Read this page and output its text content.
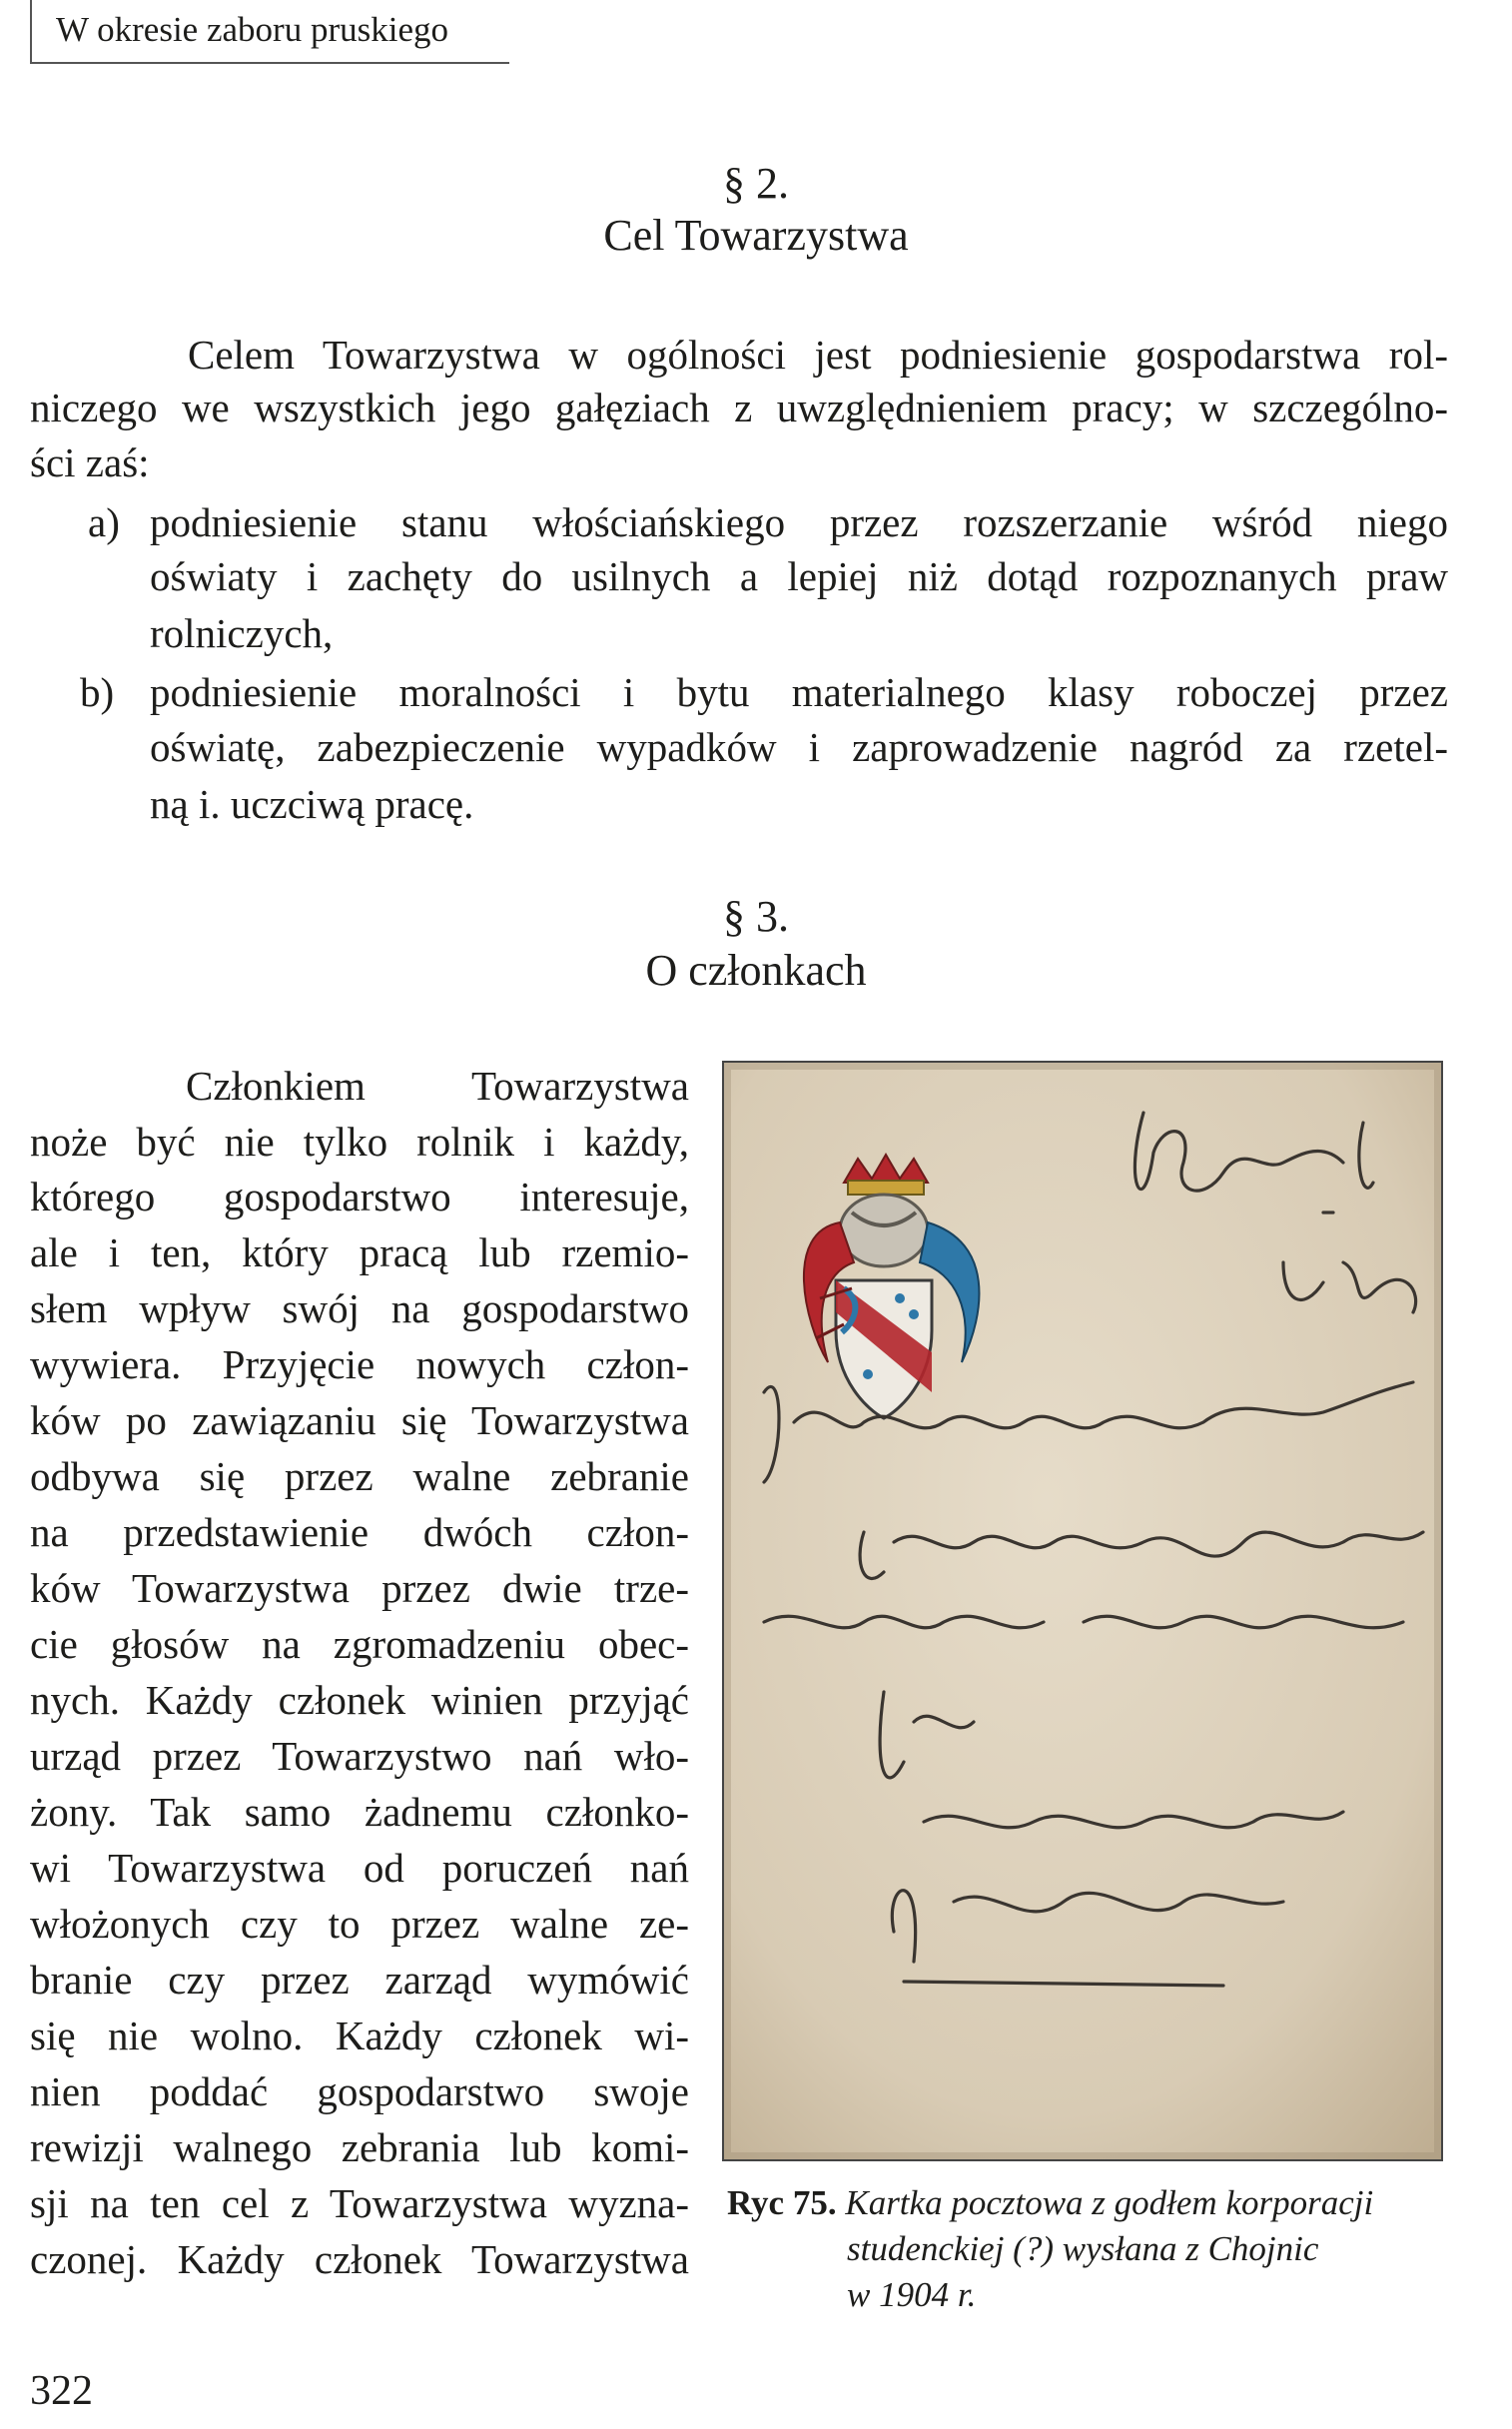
W okresie zaboru pruskiego
§ 2.
Cel Towarzystwa
Celem Towarzystwa w ogólności jest podniesienie gospodarstwa rol-
niczego we wszystkich jego gałęziach z uwzględnieniem pracy; w szczególno-
ści zaś:
a) podniesienie stanu włościańskiego przez rozszerzanie wśród niego
oświaty i zachęty do usilnych a lepiej niż dotąd rozpoznanych praw
rolniczych,
b) podniesienie moralności i bytu materialnego klasy roboczej przez
oświatę, zabezpieczenie wypadków i zaprowadzenie nagród za rzetel-
ną i. uczciwą pracę.
§ 3.
O członkach
Członkiem Towarzystwa
noże być nie tylko rolnik i każdy,
którego gospodarstwo interesuje,
ale i ten, który pracą lub rzemio-
słem wpływ swój na gospodarstwo
wywiera. Przyjęcie nowych człon-
ków po zawiązaniu się Towarzystwa
odbywa się przez walne zebranie
na przedstawienie dwóch człon-
ków Towarzystwa przez dwie trze-
cie głosów na zgromadzeniu obec-
nych. Każdy członek winien przyjąć
urząd przez Towarzystwo nań wło-
żony. Tak samo żadnemu członko-
wi Towarzystwa od poruczeń nań
włożonych czy to przez walne ze-
branie czy przez zarząd wymówić
się nie wolno. Każdy członek wi-
nien poddać gospodarstwo swoje
rewizji walnego zebrania lub komi-
sji na ten cel z Towarzystwa wyzna-
czonej. Każdy członek Towarzystwa
Ryc 75. Kartka pocztowa z godłem korporacji
studenckiej (?) wysłana z Chojnic
w 1904 r.
322
